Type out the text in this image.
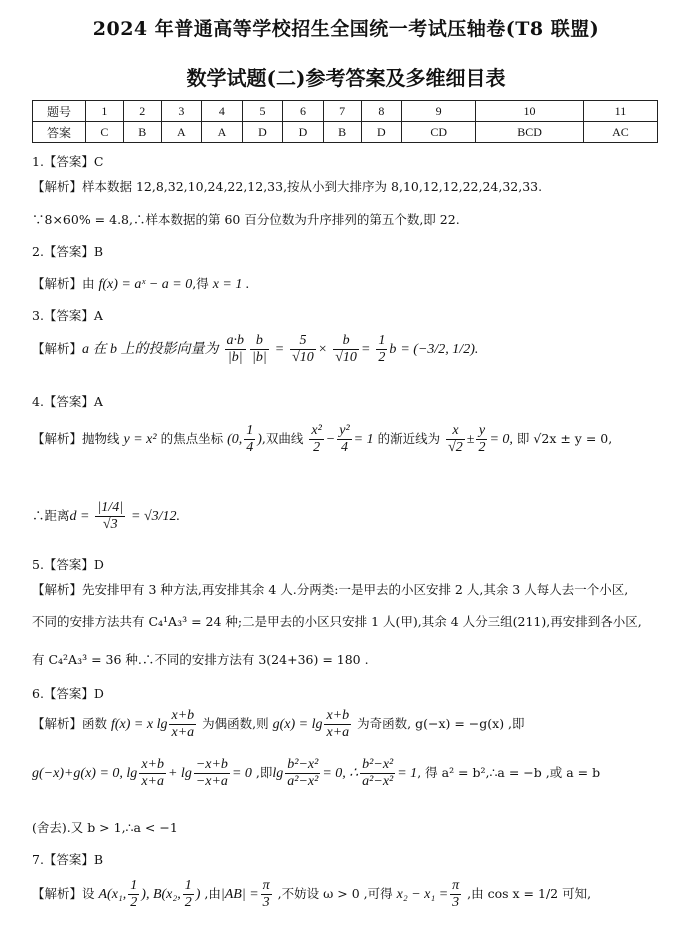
2024 年普通高等学校招生全国统一考试压轴卷(T8 联盟)
数学试题(二)参考答案及多维细目表
题号	1	2	3	4	5	6	7	8	9	10	11
答案	C	B	A	A	D	D	B	D	CD	BCD	AC
1.【答案】C
【解析】样本数据 12,8,32,10,24,22,12,33,按从小到大排序为 8,10,12,12,22,24,32,33.
∵8×60% = 4.8,∴样本数据的第 60 百分位数为升序排列的第五个数,即 22.
2.【答案】B
【解析】由 f(x) = aˣ − a = 0,得 x = 1 .
3.【答案】A
【解析】a 在 b 上的投影向量为 $\frac{a\cdot b}{|b|} \frac{b}{|b|} = \frac{5}{√10} \times \frac{b}{√10} = \frac{1}{2}$ b = (−3/2, 1/2).
4.【答案】A
【解析】抛物线 y = x² 的焦点坐标 (0, $\frac{1}{4}$ ),双曲线 $\frac{\text{x²}}{2} - \frac{\text{y²}}{4} = 1$ 的渐近线为 $\frac{x}{√2} \pm \frac{y}{2} = 0$, 即 √2x ± y = 0,
∴距离$d = \frac{|1/4|}{√3} = √3/12$.
5.【答案】D
【解析】先安排甲有 3 种方法,再安排其余 4 人.分两类:一是甲去的小区安排 2 人,其余 3 人每人去一个小区,
不同的安排方法共有 C₄¹A₃³ = 24 种;二是甲去的小区只安排 1 人(甲),其余 4 人分三组(211),再安排到各小区,
有 C₄²A₃³ = 36 种.∴不同的安排方法有 3(24+36) = 180 .
6.【答案】D
【解析】函数 f(x) = x $\lg \frac{x+b}{x+a}$ 为偶函数,则 $g(x) = \lg \frac{x+b}{x+a}$ 为奇函数, g(−x) = −g(x) ,即
g(−x)+g(x) = 0, $\lg \frac{x+b}{x+a} + \lg \frac{-x+b}{-x+a} = 0$ ,即$\lg \frac{\text{b²−x²}}{\text{a²−x²}} = 0$, ∴ $\frac{\text{b²−x²}}{\text{a²−x²}} = 1$, 得 a² = b²,∴a = −b ,或 a = b
(舍去).又 b > 1,∴a < −1
7.【答案】B
【解析】设 A(x₁, $\frac{1}{2}$ ), B(x₂, $\frac{1}{2}$ ) ,由$|AB| = \frac{\pi}{3}$ ,不妨设 ω > 0 ,可得 $x_2 - x_1 = \frac{\pi}{3}$ ,由 cos x = 1/2 可知,
